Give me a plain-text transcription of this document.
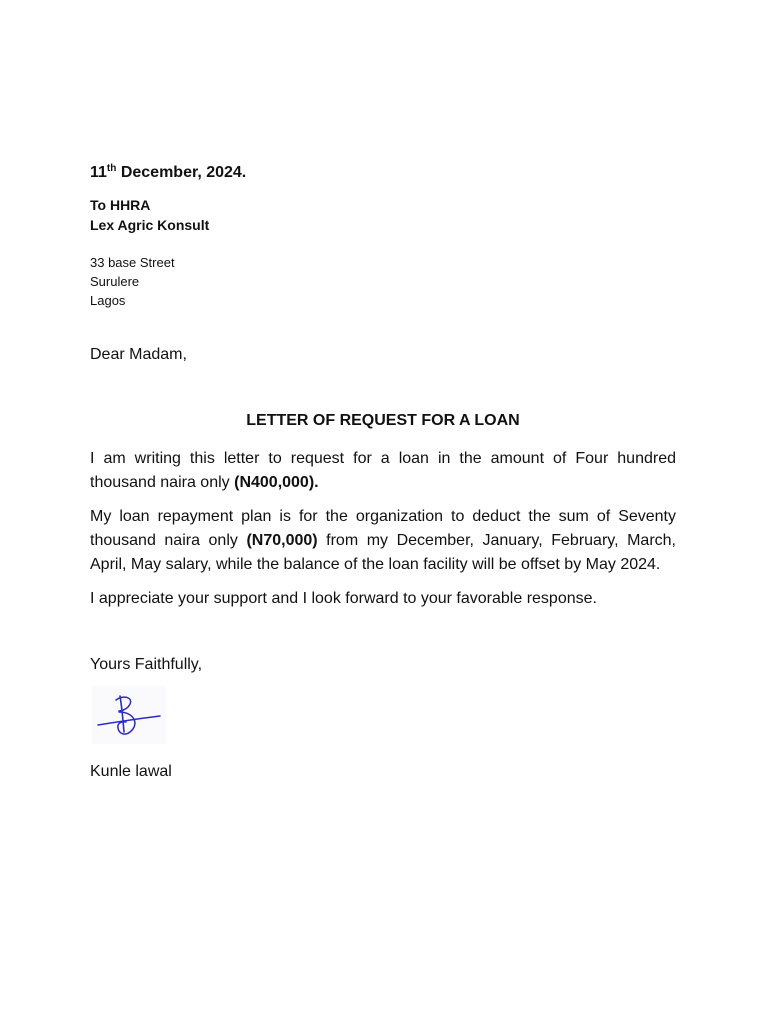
11th December, 2024.

To HHRA
Lex Agric Konsult
33 base Street
Surulere
Lagos

Dear Madam,

LETTER OF REQUEST FOR A LOAN

I am writing this letter to request for a loan in the amount of Four hundred thousand naira only (N400,000).

My loan repayment plan is for the organization to deduct the sum of Seventy thousand naira only (N70,000) from my December, January, February, March, April, May salary, while the balance of the loan facility will be offset by May 2024.

I appreciate your support and I look forward to your favorable response.

Yours Faithfully,

Kunle lawal
